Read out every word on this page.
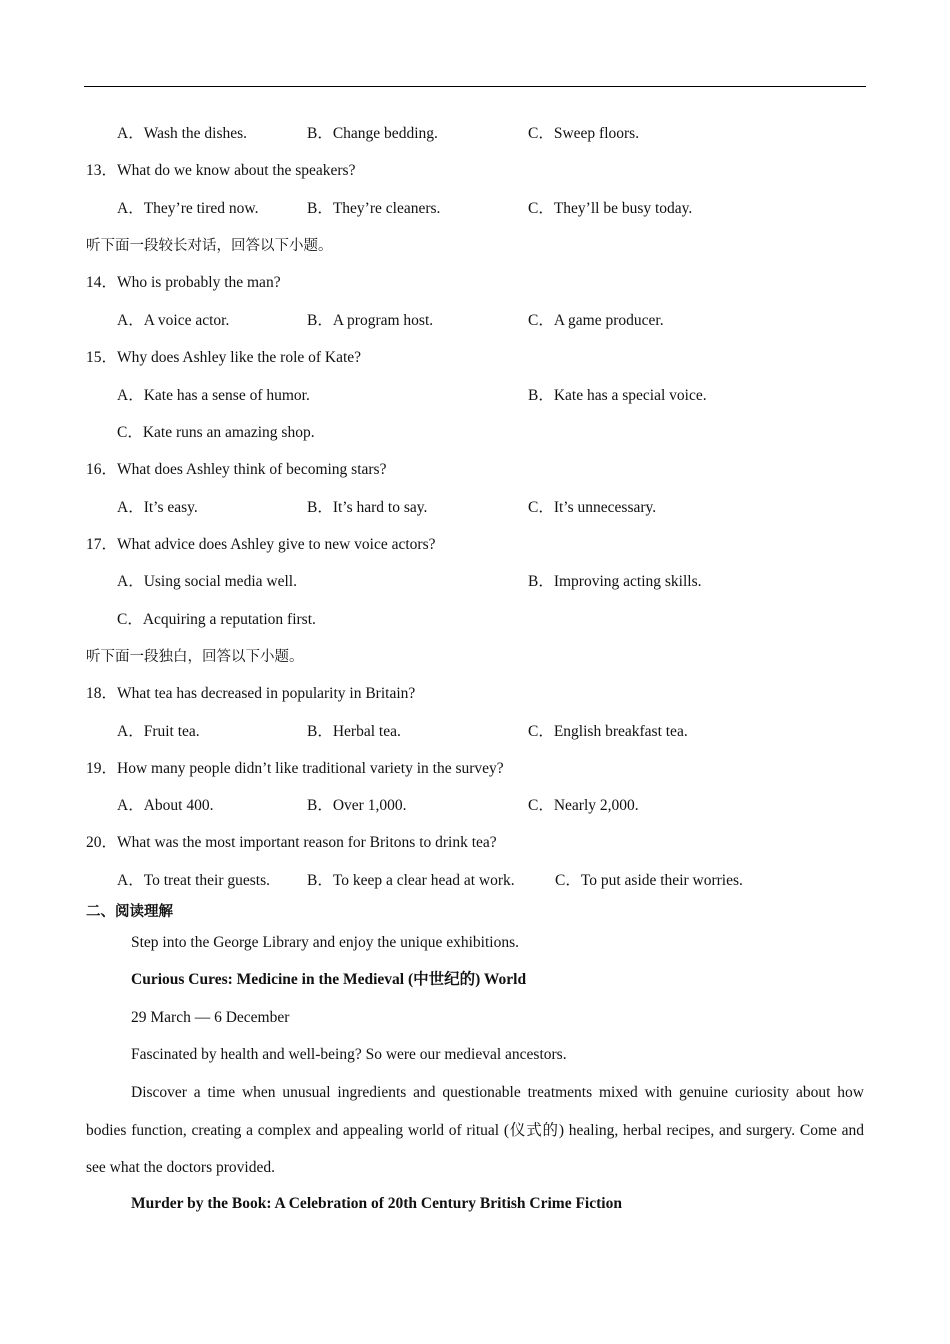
A．Wash the dishes.	B．Change bedding.	C．Sweep floors.
13．What do we know about the speakers?
A．They’re tired now.	B．They’re cleaners.	C．They’ll be busy today.
听下面一段较长对话，回答以下小题。
14．Who is probably the man?
A．A voice actor.	B．A program host.	C．A game producer.
15．Why does Ashley like the role of Kate?
A．Kate has a sense of humor.	B．Kate has a special voice.
C．Kate runs an amazing shop.
16．What does Ashley think of becoming stars?
A．It’s easy.	B．It’s hard to say.	C．It’s unnecessary.
17．What advice does Ashley give to new voice actors?
A．Using social media well.	B．Improving acting skills.
C．Acquiring a reputation first.
听下面一段独白，回答以下小题。
18．What tea has decreased in popularity in Britain?
A．Fruit tea.	B．Herbal tea.	C．English breakfast tea.
19．How many people didn’t like traditional variety in the survey?
A．About 400.	B．Over 1,000.	C．Nearly 2,000.
20．What was the most important reason for Britons to drink tea?
A．To treat their guests. B．To keep a clear head at work.	C．To put aside their worries.
二、阅读理解
Step into the George Library and enjoy the unique exhibitions.
Curious Cures: Medicine in the Medieval (中世纪的) World
29 March — 6 December
Fascinated by health and well-being? So were our medieval ancestors.
Discover a time when unusual ingredients and questionable treatments mixed with genuine curiosity about how bodies function, creating a complex and appealing world of ritual (仪式的) healing, herbal recipes, and surgery. Come and see what the doctors provided.
Murder by the Book: A Celebration of 20th Century British Crime Fiction
